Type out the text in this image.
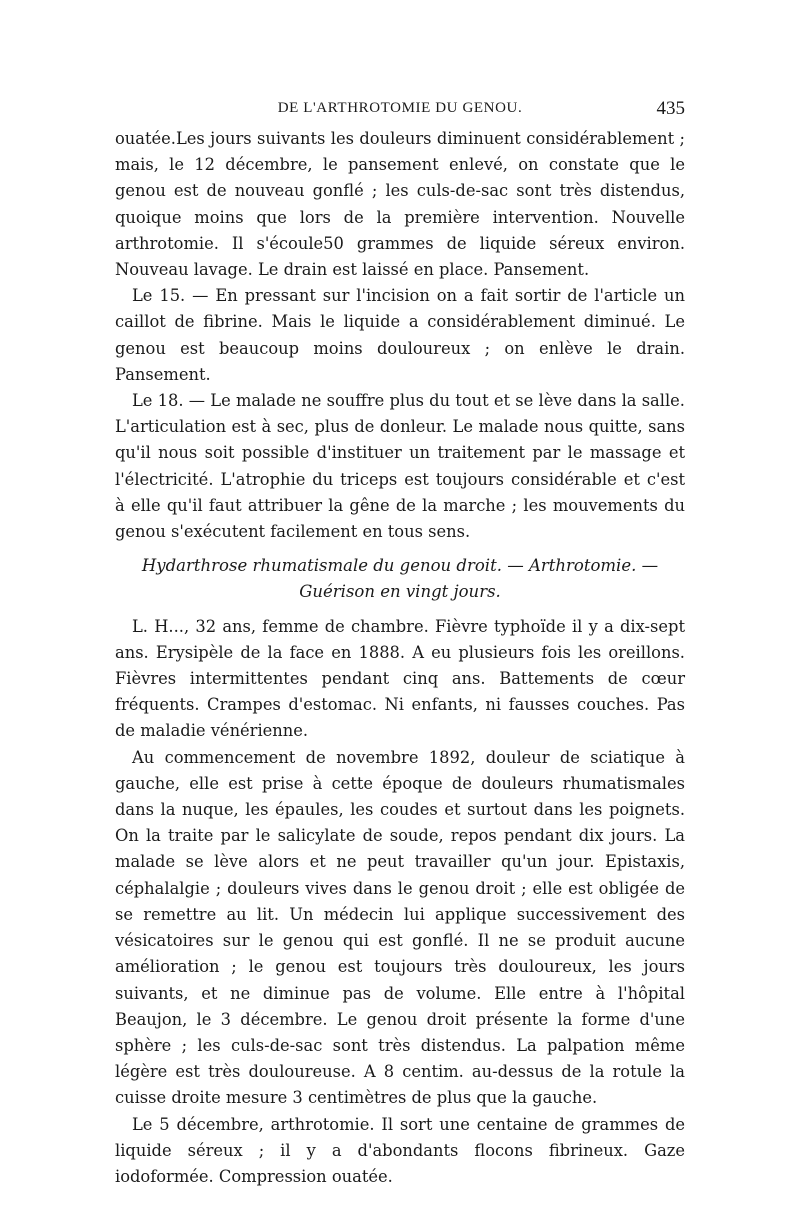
DE L'ARTHROTOMIE DU GENOU.	435

ouatée.Les jours suivants les douleurs diminuent considérablement ; mais, le 12 décembre, le pansement enlevé, on constate que le genou est de nouveau gonflé ; les culs-de-sac sont très distendus, quoique moins que lors de la première intervention. Nouvelle arthrotomie. Il s'écoule50 grammes de liquide séreux environ. Nouveau lavage. Le drain est laissé en place. Pansement.

Le 15. — En pressant sur l'incision on a fait sortir de l'article un caillot de fibrine. Mais le liquide a considérablement diminué. Le genou est beaucoup moins douloureux ; on enlève le drain. Pansement.

Le 18. — Le malade ne souffre plus du tout et se lève dans la salle. L'articulation est à sec, plus de donleur. Le malade nous quitte, sans qu'il nous soit possible d'instituer un traitement par le massage et l'électricité. L'atrophie du triceps est toujours considérable et c'est à elle qu'il faut attribuer la gêne de la marche ; les mouvements du genou s'exécutent facilement en tous sens.

Hydarthrose rhumatismale du genou droit. — Arthrotomie. —
Guérison en vingt jours.

L. H..., 32 ans, femme de chambre. Fièvre typhoïde il y a dix-sept ans. Erysipèle de la face en 1888. A eu plusieurs fois les oreillons. Fièvres intermittentes pendant cinq ans. Battements de cœur fréquents. Crampes d'estomac. Ni enfants, ni fausses couches. Pas de maladie vénérienne.

Au commencement de novembre 1892, douleur de sciatique à gauche, elle est prise à cette époque de douleurs rhumatismales dans la nuque, les épaules, les coudes et surtout dans les poignets. On la traite par le salicylate de soude, repos pendant dix jours. La malade se lève alors et ne peut travailler qu'un jour. Epistaxis, céphalalgie ; douleurs vives dans le genou droit ; elle est obligée de se remettre au lit. Un médecin lui applique successivement des vésicatoires sur le genou qui est gonflé. Il ne se produit aucune amélioration ; le genou est toujours très douloureux, les jours suivants, et ne diminue pas de volume. Elle entre à l'hôpital Beaujon, le 3 décembre. Le genou droit présente la forme d'une sphère ; les culs-de-sac sont très distendus. La palpation même légère est très douloureuse. A 8 centim. au-dessus de la rotule la cuisse droite mesure 3 centimètres de plus que la gauche.

Le 5 décembre, arthrotomie. Il sort une centaine de grammes de liquide séreux ; il y a d'abondants flocons fibrineux. Gaze iodoformée. Compression ouatée.
